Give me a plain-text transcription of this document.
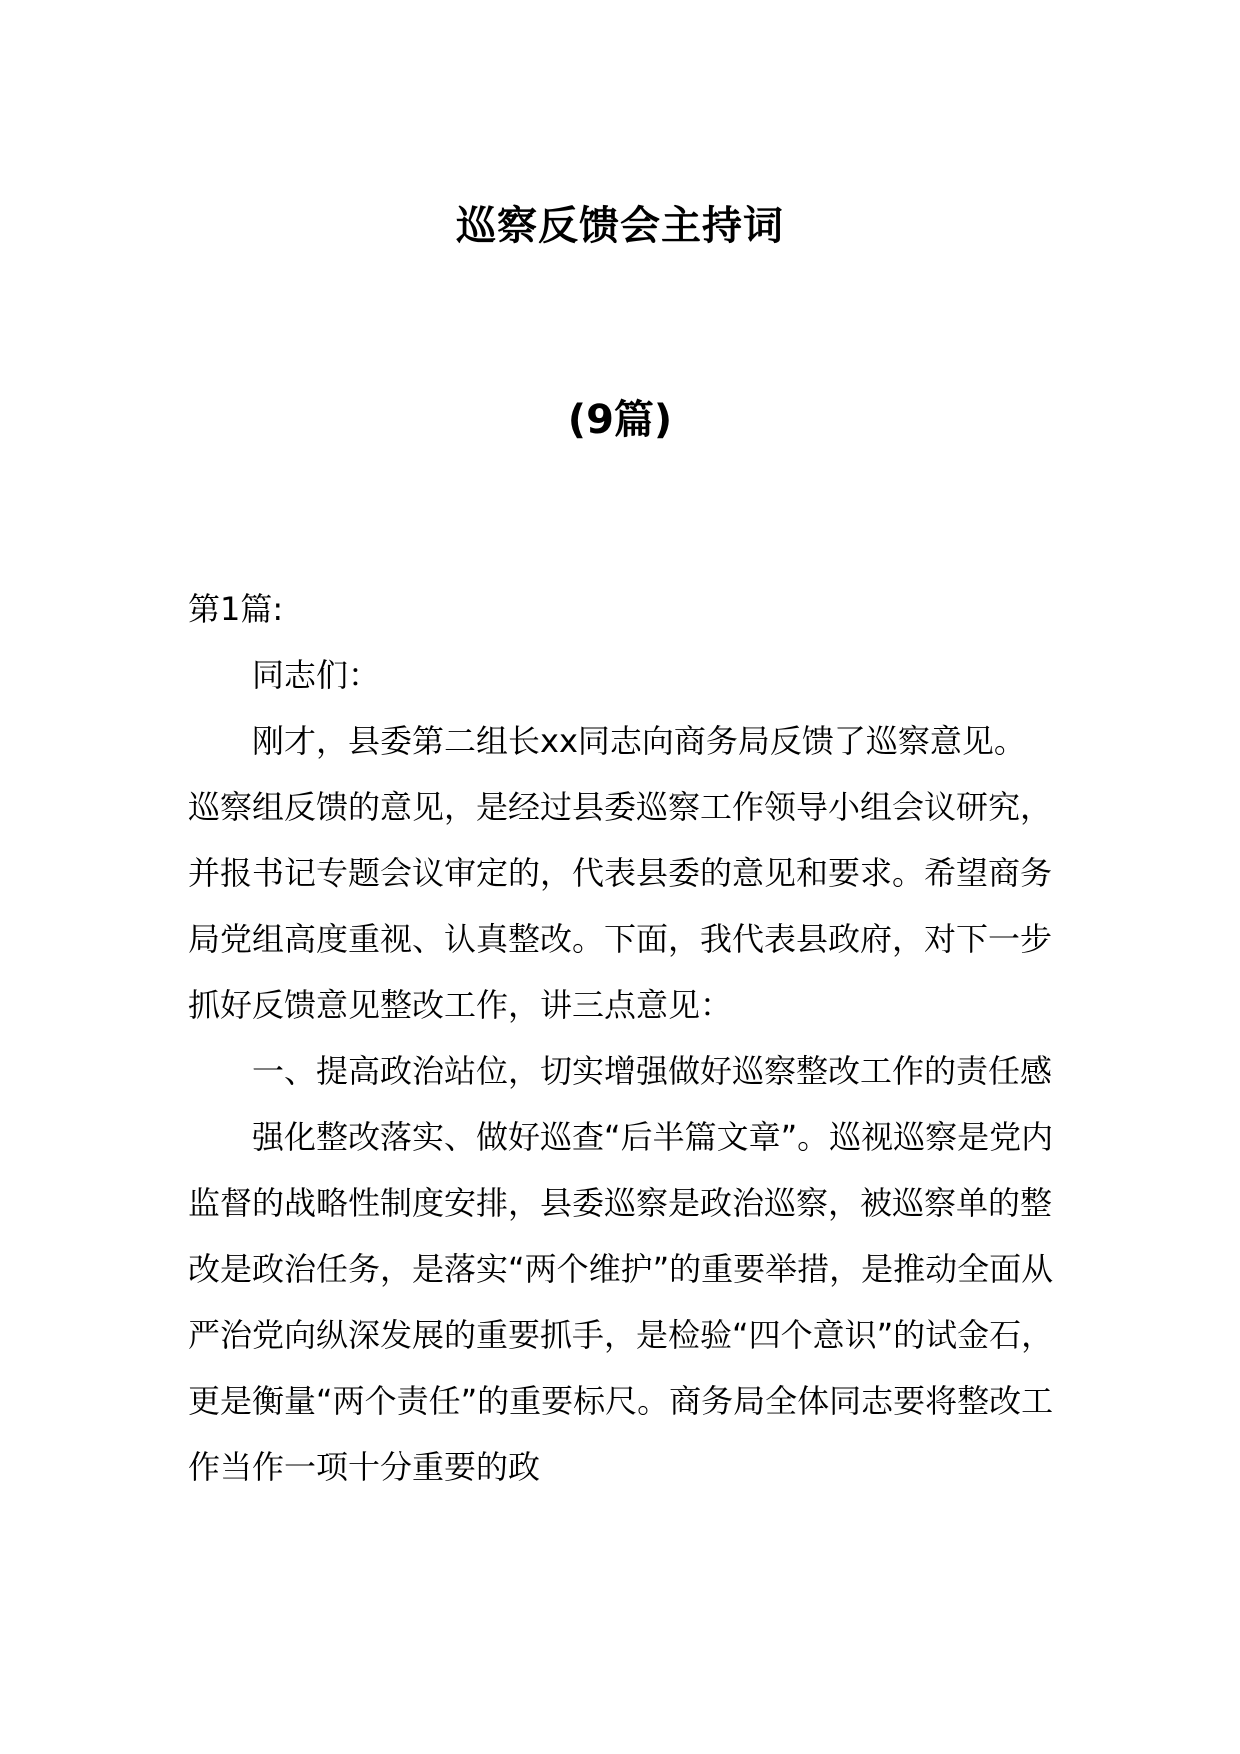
巡察反馈会主持词
(9篇)

第1篇:

同志们：

刚才，县委第二组长xx同志向商务局反馈了巡察意见。巡察组反馈的意见，是经过县委巡察工作领导小组会议研究，并报书记专题会议审定的，代表县委的意见和要求。希望商务局党组高度重视、认真整改。下面，我代表县政府，对下一步抓好反馈意见整改工作，讲三点意见：

一、提高政治站位，切实增强做好巡察整改工作的责任感

强化整改落实、做好巡查“后半篇文章”。巡视巡察是党内监督的战略性制度安排，县委巡察是政治巡察，被巡察单的整改是政治任务，是落实“两个维护”的重要举措，是推动全面从严治党向纵深发展的重要抓手，是检验“四个意识”的试金石，更是衡量“两个责任”的重要标尺。商务局全体同志要将整改工作当作一项十分重要的政
